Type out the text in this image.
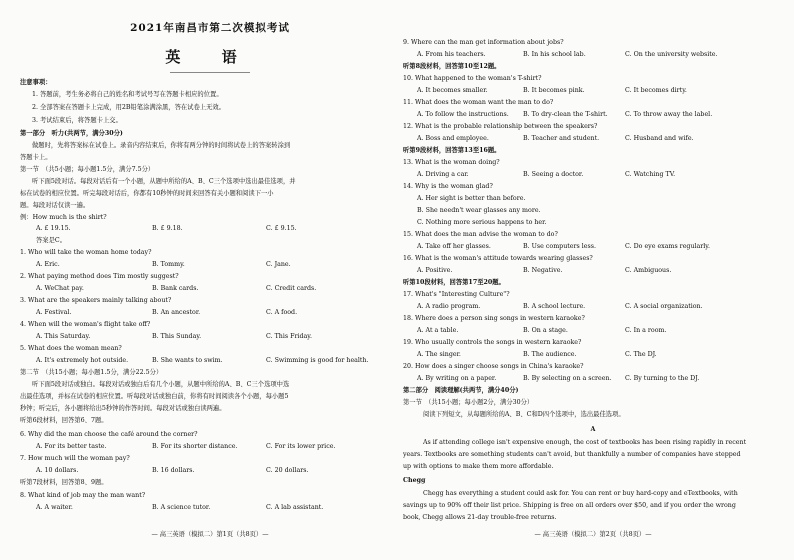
2021年南昌市第二次模拟考试
英 语
注意事项：
1. 答题前，考生务必将自己的姓名和考试号写在答题卡相应的位置。
2. 全部答案在答题卡上完成，用2B铅笔涂满涂黑，答在试卷上无效。
3. 考试结束后，将答题卡上交。
第一部分　听力(共两节，满分30分)
做题时，先将答案标在试卷上。录音内容结束后，你将有两分钟的时间将试卷上的答案转涂到
答题卡上。
第一节　（共5小题；每小题1.5分，满分7.5分）
听下面5段对话。每段对话后有一个小题，从题中所给的A、B、C三个选项中选出最佳选项，并
标在试卷的相应位置。听完每段对话后，你都有10秒钟的时间来回答有关小题和阅读下一小
题。每段对话仅读一遍。
例：How much is the shirt?
A. £ 19.15.	B. £ 9.18.	C. £ 9.15.
答案是C。
1. Who will take the woman home today?
A. Eric.	B. Tommy.	C. Jane.
2. What paying method does Tim mostly suggest?
A. WeChat pay.	B. Bank cards.	C. Credit cards.
3. What are the speakers mainly talking about?
A. Festival.	B. An ancestor.	C. A food.
4. When will the woman's flight take off?
A. This Saturday.	B. This Sunday.	C. This Friday.
5. What does the woman mean?
A. It's extremely hot outside.	B. She wants to swim.	C. Swimming is good for health.
第二节　（共15小题；每小题1.5分，满分22.5分）
听下面5段对话或独白。每段对话或独白后有几个小题，从题中所给的A、B、C三个选项中选
出最佳选项，并标在试卷的相应位置。听每段对话或独白前，你将有时间阅读各个小题，每小题5
秒钟；听完后，各小题将给出5秒钟的作答时间。每段对话或独白读两遍。
听第6段材料，回答第6、7题。
6. Why did the man choose the café around the corner?
A. For its better taste.	B. For its shorter distance.	C. For its lower price.
7. How much will the woman pay?
A. 10 dollars.	B. 16 dollars.	C. 20 dollars.
听第7段材料，回答第8、9题。
8. What kind of job may the man want?
A. A waiter.	B. A science tutor.	C. A lab assistant.
— 高三英语（模拟二）第1页（共8页）—
9. Where can the man get information about jobs?
A. From his teachers.	B. In his school lab.	C. On the university website.
听第8段材料，回答第10至12题。
10. What happened to the woman's T-shirt?
A. It becomes smaller.	B. It becomes pink.	C. It becomes dirty.
11. What does the woman want the man to do?
A. To follow the instructions. B. To dry-clean the T-shirt.	C. To throw away the label.
12. What is the probable relationship between the speakers?
A. Boss and employee.	B. Teacher and student.	C. Husband and wife.
听第9段材料，回答第13至16题。
13. What is the woman doing?
A. Driving a car.	B. Seeing a doctor.	C. Watching TV.
14. Why is the woman glad?
A. Her sight is better than before.
B. She needn't wear glasses any more.
C. Nothing more serious happens to her.
15. What does the man advise the woman to do?
A. Take off her glasses.	B. Use computers less.	C. Do eye exams regularly.
16. What is the woman's attitude towards wearing glasses?
A. Positive.	B. Negative.	C. Ambiguous.
听第10段材料，回答第17至20题。
17. What's "Interesting Culture"?
A. A radio program.	B. A school lecture.	C. A social organization.
18. Where does a person sing songs in western karaoke?
A. At a table.	B. On a stage.	C. In a room.
19. Who usually controls the songs in western karaoke?
A. The singer.	B. The audience.	C. The DJ.
20. How does a singer choose songs in China's karaoke?
A. By writing on a paper.	B. By selecting on a screen. C. By turning to the DJ.
第二部分　阅读理解(共两节，满分40分)
第一节　（共15小题；每小题2分，满分30分）
阅读下列短文，从每题所给的A、B、C和D四个选项中，选出最佳选项。
A
As if attending college isn't expensive enough, the cost of textbooks has been rising rapidly in recent
years. Textbooks are something students can't avoid, but thankfully a number of companies have stepped
up with options to make them more affordable.
Chegg
Chegg has everything a student could ask for. You can rent or buy hard-copy and eTextbooks, with
savings up to 90% off their list price. Shipping is free on all orders over $50, and if you order the wrong
book, Chegg allows 21-day trouble-free returns.
— 高三英语（模拟二）第2页（共8页）—
